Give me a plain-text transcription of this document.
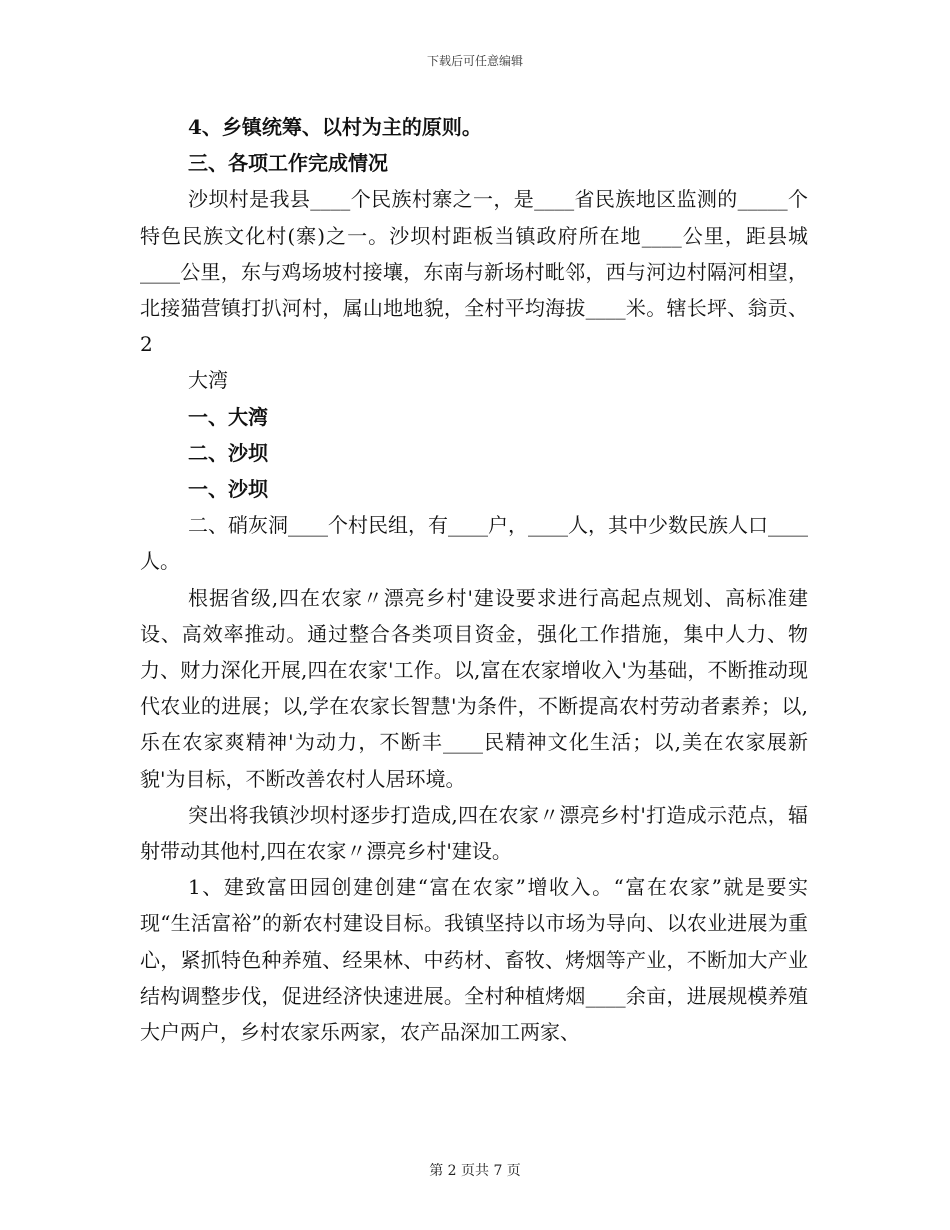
下载后可任意编辑

4、乡镇统筹、以村为主的原则。

三、各项工作完成情况

沙坝村是我县____个民族村寨之一，是____省民族地区监测的_____个特色民族文化村(寨)之一。沙坝村距板当镇政府所在地____公里，距县城____公里，东与鸡场坡村接壤，东南与新场村毗邻，西与河边村隔河相望，北接猫营镇打扒河村，属山地地貌，全村平均海拔____米。辖长坪、翁贡、2

大湾

一、大湾

二、沙坝

一、沙坝

二、硝灰洞____个村民组，有____户，____人，其中少数民族人口____人。

根据省级,四在农家〃漂亮乡村'建设要求进行高起点规划、高标准建设、高效率推动。通过整合各类项目资金，强化工作措施，集中人力、物力、财力深化开展,四在农家'工作。以,富在农家增收入'为基础，不断推动现代农业的进展；以,学在农家长智慧'为条件，不断提高农村劳动者素养；以,乐在农家爽精神'为动力，不断丰____民精神文化生活；以,美在农家展新貌'为目标，不断改善农村人居环境。

突出将我镇沙坝村逐步打造成,四在农家〃漂亮乡村'打造成示范点，辐射带动其他村,四在农家〃漂亮乡村'建设。

1、建致富田园创建创建“富在农家”增收入。“富在农家”就是要实现“生活富裕”的新农村建设目标。我镇坚持以市场为导向、以农业进展为重心，紧抓特色种养殖、经果林、中药材、畜牧、烤烟等产业，不断加大产业结构调整步伐，促进经济快速进展。全村种植烤烟____余亩，进展规模养殖大户两户，乡村农家乐两家，农产品深加工两家、

第 2 页共 7 页
